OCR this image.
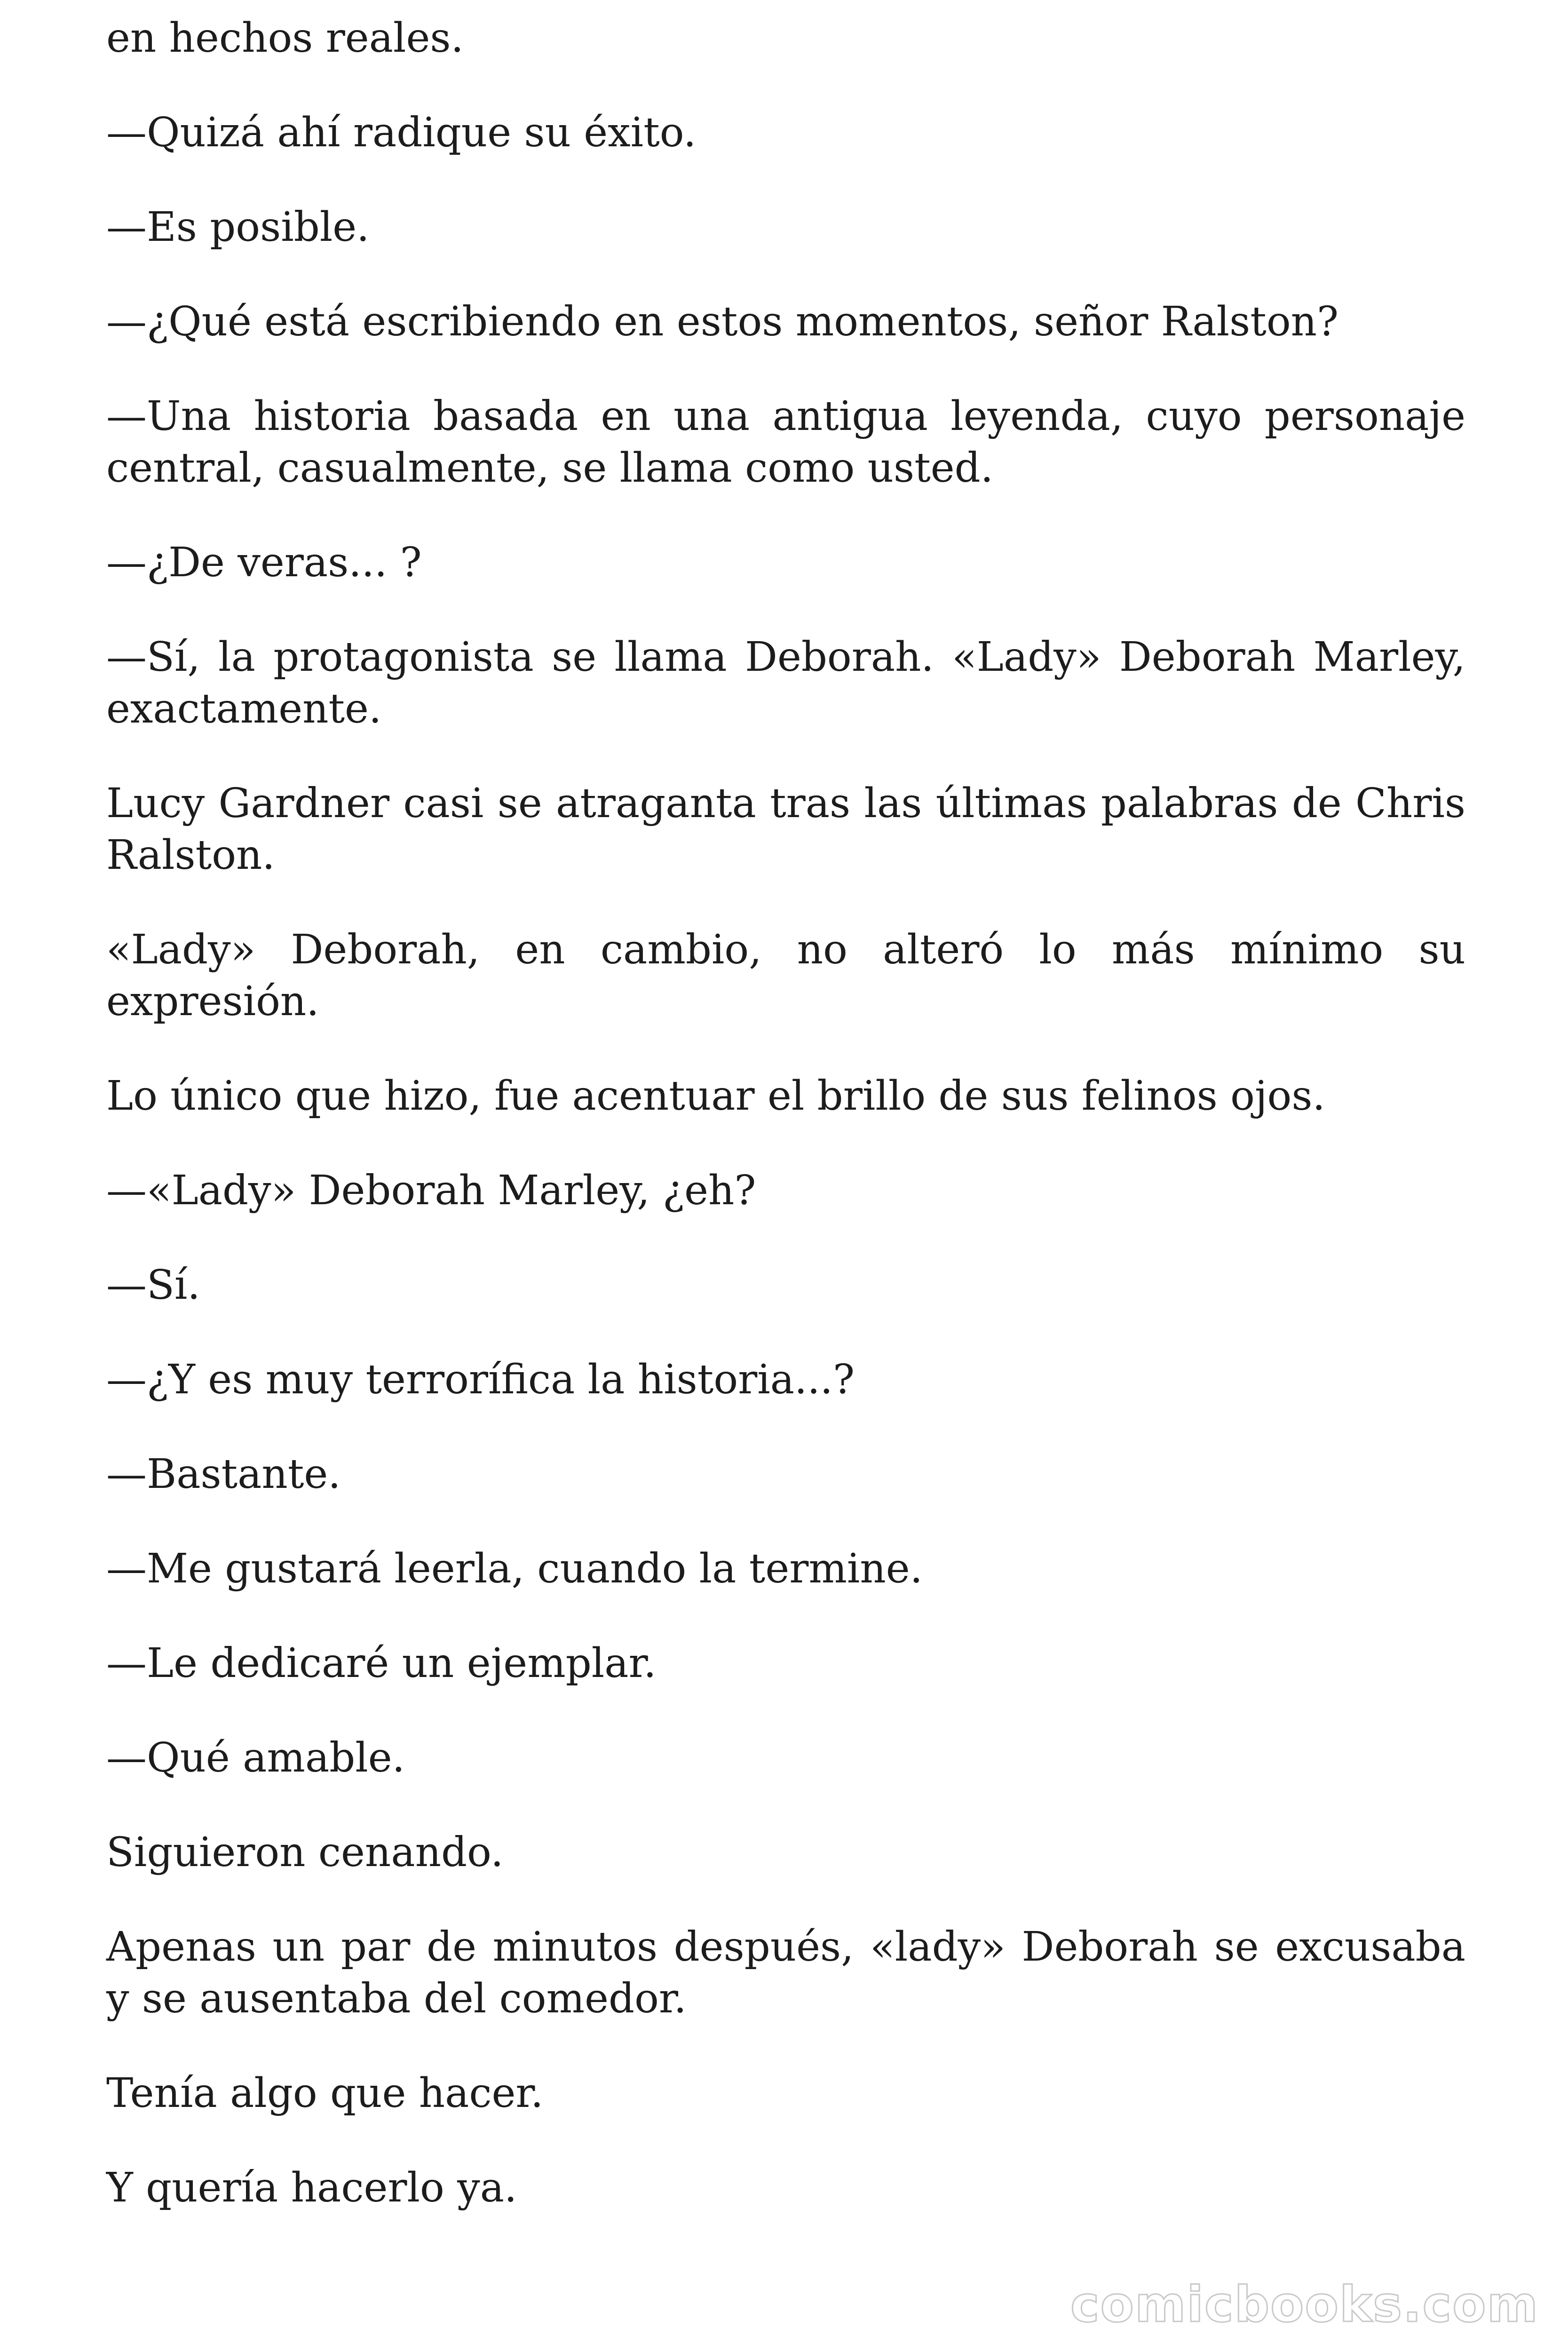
en hechos reales.

—Quizá ahí radique su éxito.

—Es posible.

—¿Qué está escribiendo en estos momentos, señor Ralston?

—Una historia basada en una antigua leyenda, cuyo personaje central, casualmente, se llama como usted.

—¿De veras... ?

—Sí, la protagonista se llama Deborah. «Lady» Deborah Marley, exactamente.

Lucy Gardner casi se atraganta tras las últimas palabras de Chris Ralston.

«Lady» Deborah, en cambio, no alteró lo más mínimo su expresión.

Lo único que hizo, fue acentuar el brillo de sus felinos ojos.

—«Lady» Deborah Marley, ¿eh?

—Sí.

—¿Y es muy terrorífica la historia...?

—Bastante.

—Me gustará leerla, cuando la termine.

—Le dedicaré un ejemplar.

—Qué amable.

Siguieron cenando.

Apenas un par de minutos después, «lady» Deborah se excusaba y se ausentaba del comedor.

Tenía algo que hacer.

Y quería hacerlo ya.

comicbooks.com
